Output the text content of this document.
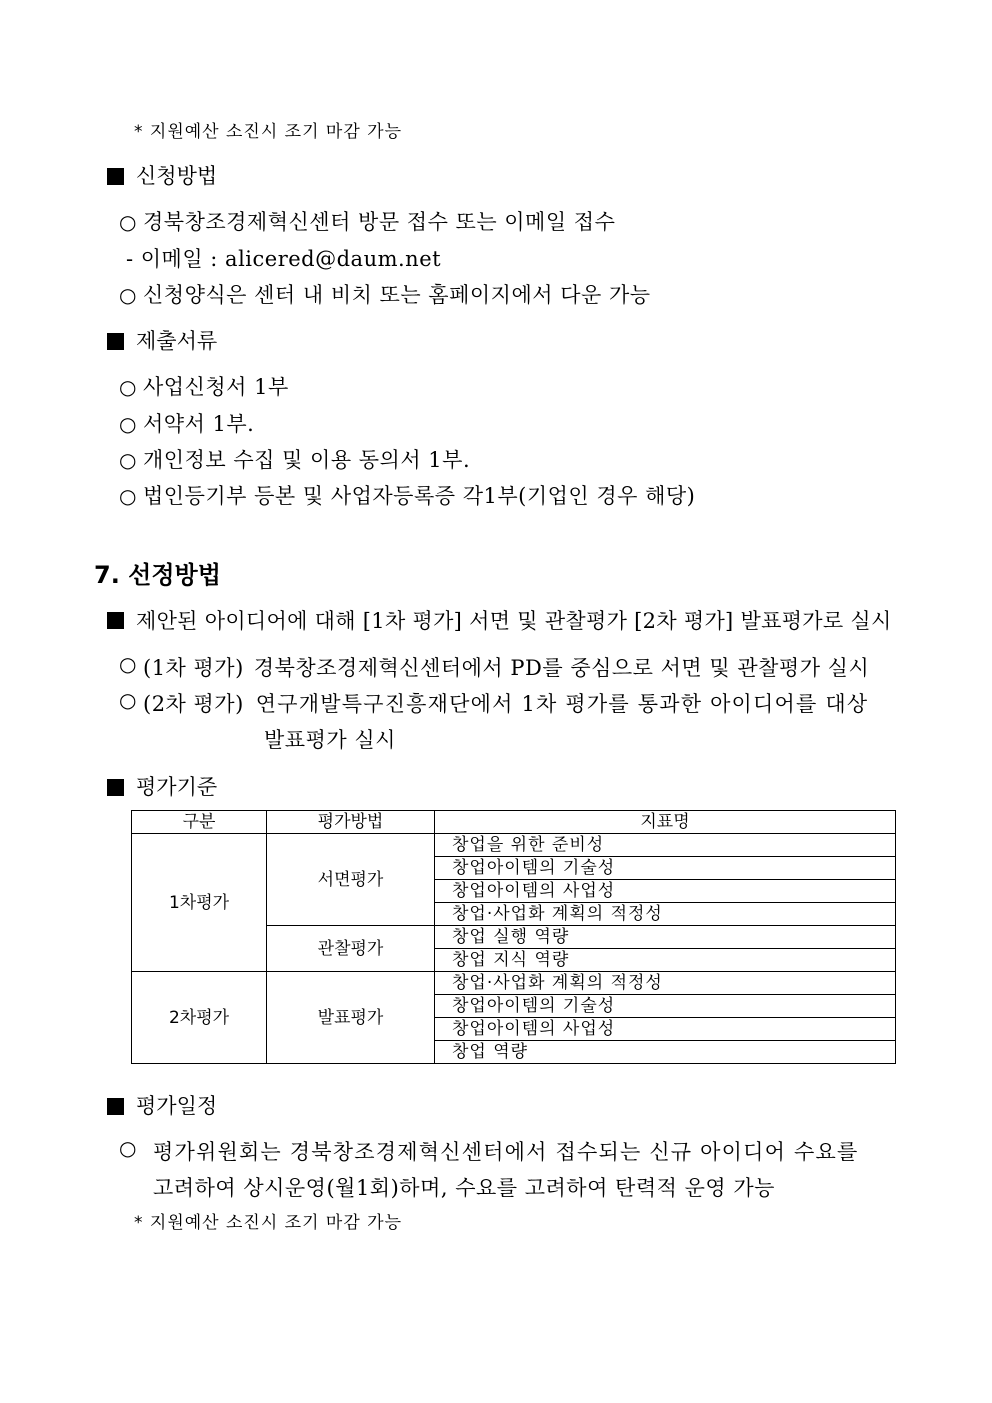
* 지원예산 소진시 조기 마감 가능
신청방법
○ 경북창조경제혁신센터 방문 접수 또는 이메일 접수
- 이메일 : alicered@daum.net
○ 신청양식은 센터 내 비치 또는 홈페이지에서 다운 가능
제출서류
○ 사업신청서 1부
○ 서약서 1부.
○ 개인정보 수집 및 이용 동의서 1부.
○ 법인등기부 등본 및 사업자등록증 각1부(기업인 경우 해당)
7. 선정방법
제안된 아이디어에 대해 [1차 평가] 서면 및 관찰평가 [2차 평가] 발표평가로 실시
○ (1차 평가) 경북창조경제혁신센터에서 PD를 중심으로 서면 및 관찰평가 실시
○ (2차 평가) 연구개발특구진흥재단에서 1차 평가를 통과한 아이디어를 대상
발표평가 실시
평가기준
구분	평가방법	지표명
1차평가	서면평가	창업을 위한 준비성
		창업아이템의 기술성
		창업아이템의 사업성
		창업·사업화 계획의 적정성
	관찰평가	창업 실행 역량
		창업 지식 역량
2차평가	발표평가	창업·사업화 계획의 적정성
		창업아이템의 기술성
		창업아이템의 사업성
		창업 역량
평가일정
○ 평가위원회는 경북창조경제혁신센터에서 접수되는 신규 아이디어 수요를
고려하여 상시운영(월1회)하며, 수요를 고려하여 탄력적 운영 가능
* 지원예산 소진시 조기 마감 가능
